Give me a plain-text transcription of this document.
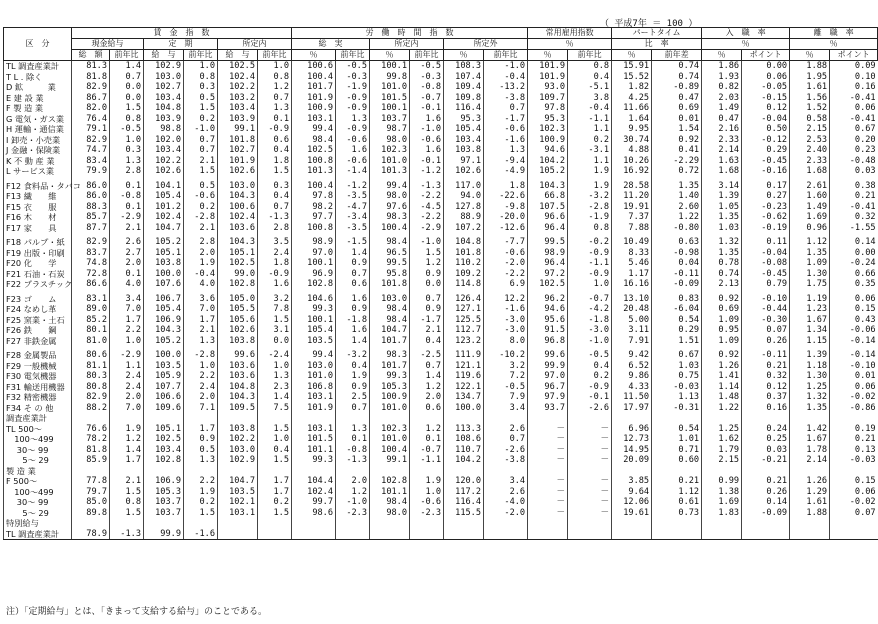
（ 平成7年 ＝ 100 ）
区　分	賃　金　指　数						労　働　時　間　指　数						常用雇用指数		パートタイム		入　職　率		離　職　率	
	現金給与		定　期		所定内		総　実		所定内		所定外		％		比　率		％		％	
	総　額	前年比	給　与	前年比	給　与	前年比	％	前年比	％	前年比	％	前年比	％	前年比	％	前年差	％	ポイント	％	ポイント
TL 調査産業計	81.3	1.4	102.9	1.0	102.5	1.0	100.6	-0.5	100.1	-0.5	108.3	-1.0	101.9	0.8	15.91	0.74	1.86	0.00	1.88	0.09
T L . 除く	81.8	0.7	103.0	0.8	102.4	0.8	100.4	-0.3	99.8	-0.3	107.4	-0.4	101.9	0.4	15.52	0.74	1.93	0.06	1.95	0.10
D 鉱　　　業	82.9	0.0	102.7	0.3	102.2	1.2	101.7	-1.9	101.0	-0.8	109.4	-13.2	93.0	-5.1	1.82	-0.89	0.82	-0.05	1.61	0.16
E 建 設 業	86.7	0.0	103.4	0.5	103.2	0.7	101.9	-0.9	101.5	-0.7	109.8	-3.8	109.7	3.8	4.25	0.47	2.03	-0.15	1.56	-0.41
F 製 造 業	82.0	1.5	104.8	1.5	103.4	1.3	100.9	-0.9	100.1	-0.1	116.4	0.7	97.8	-0.4	11.66	0.69	1.49	0.12	1.52	0.06
G 電気・ガス業	76.4	0.8	103.9	0.2	103.9	0.1	103.1	1.3	103.7	1.6	95.3	-1.7	95.3	-1.1	1.64	0.01	0.47	-0.04	0.58	-0.41
H 運輸・通信業	79.1	-0.5	98.8	-1.0	99.1	-0.9	99.4	-0.9	98.7	-1.0	105.4	-0.6	102.3	1.1	9.95	1.54	2.16	0.50	2.15	0.67
I 卸売・小売業	82.9	1.0	102.0	0.7	101.8	0.6	98.4	-0.6	98.0	-0.6	103.4	-1.6	100.9	0.2	30.74	0.92	2.33	-0.12	2.53	0.20
J 金融・保険業	74.7	0.3	103.4	0.7	102.7	0.4	102.5	1.6	102.3	1.6	103.8	1.3	94.6	-3.1	4.88	0.41	2.14	0.29	2.40	0.23
K 不 動 産 業	83.4	1.3	102.2	2.1	101.9	1.8	100.8	-0.6	101.0	-0.1	97.1	-9.4	104.2	1.1	10.26	-2.29	1.63	-0.45	2.33	-0.48
L サービス業	79.9	2.8	102.6	1.5	102.6	1.5	101.3	-1.4	101.3	-1.2	102.6	-4.9	105.2	1.9	16.92	0.72	1.68	-0.16	1.68	0.03

F12 食料品・タバコ	86.0	0.1	104.1	0.5	103.0	0.3	100.4	-1.2	99.4	-1.3	117.0	1.8	104.3	1.9	28.58	1.35	3.14	0.17	2.61	0.38
F13 繊　　維	86.0	-0.8	105.4	-0.6	104.3	0.4	97.8	-3.5	98.0	-2.2	94.0	-22.6	66.8	-3.2	11.20	1.40	1.39	0.27	1.60	0.21
F15 衣　　服	88.3	0.1	101.2	0.2	100.6	0.7	98.2	-4.7	97.6	-4.5	127.8	-9.8	107.5	-2.8	19.91	2.60	1.05	-0.23	1.49	-0.41
F16 木　　材	85.7	-2.9	102.4	-2.8	102.4	-1.3	97.7	-3.4	98.3	-2.2	88.9	-20.0	96.6	-1.9	7.37	1.22	1.35	-0.62	1.69	0.32
F17 家　　具	87.7	2.1	104.7	2.1	103.6	2.8	100.8	-3.5	100.4	-2.9	107.2	-12.6	96.4	0.8	7.88	-0.80	1.03	-0.19	0.96	-1.55

F18 パルプ・紙	82.9	2.6	105.2	2.8	104.3	3.5	98.9	-1.5	98.4	-1.0	104.8	-7.7	99.5	-0.2	10.49	0.63	1.32	0.11	1.12	0.14
F19 出版・印刷	83.7	2.7	105.1	2.0	105.1	2.4	97.0	1.4	96.5	1.5	101.8	-0.6	98.9	-0.9	8.33	-0.98	1.35	-0.04	1.35	0.00
F20 化　　学	74.8	2.0	103.8	1.9	102.5	1.8	100.1	0.9	99.5	1.2	110.2	-2.0	96.4	-1.1	5.46	0.04	0.78	-0.08	1.09	-0.24
F21 石油・石炭	72.8	0.1	100.0	-0.4	99.0	-0.9	96.9	0.7	95.8	0.9	109.2	-2.2	97.2	-0.9	1.17	-0.11	0.74	-0.45	1.30	0.66
F22 プラスチック	86.6	4.0	107.6	4.0	102.8	1.6	102.8	0.6	101.8	0.0	114.8	6.9	102.5	1.0	16.16	-0.09	2.13	0.79	1.75	0.35

F23 ゴ　　ム	83.1	3.4	106.7	3.6	105.0	3.2	104.6	1.6	103.0	0.7	126.4	12.2	96.2	-0.7	13.10	0.83	0.92	-0.10	1.19	0.06
F24 なめし革	89.0	7.0	105.4	7.0	105.5	7.8	99.3	0.9	98.4	0.9	127.1	-1.6	94.6	-4.2	20.48	-6.04	0.69	-0.44	1.23	0.15
F25 窯業・土石	85.2	1.7	106.9	1.7	105.6	1.5	100.1	-1.8	98.4	-1.7	125.5	-3.0	95.6	-1.8	5.00	0.54	1.09	-0.30	1.67	0.43
F26 鉄　　鋼	80.1	2.2	104.3	2.1	102.6	3.1	105.4	1.6	104.7	2.1	112.7	-3.0	91.5	-3.0	3.11	0.29	0.95	0.07	1.34	-0.06
F27 非鉄金属	81.0	1.0	105.2	1.3	103.8	0.0	103.5	1.4	101.7	0.4	123.2	8.0	96.8	-1.0	7.91	1.51	1.09	0.26	1.15	-0.14

F28 金属製品	80.6	-2.9	100.0	-2.8	99.6	-2.4	99.4	-3.2	98.3	-2.5	111.9	-10.2	99.6	-0.5	9.42	0.67	0.92	-0.11	1.39	-0.14
F29 一般機械	81.1	1.1	103.5	1.0	103.6	1.0	103.0	0.4	101.7	0.7	121.1	3.2	99.9	0.4	6.52	1.03	1.26	0.21	1.18	-0.10
F30 電気機器	80.3	2.4	105.9	2.2	103.6	1.3	101.0	1.9	99.3	1.4	119.6	7.2	97.0	0.2	9.86	0.75	1.41	0.32	1.30	0.01
F31 輸送用機器	80.8	2.4	107.7	2.4	104.8	2.3	106.8	0.9	105.3	1.2	122.1	-0.5	96.7	-0.9	4.33	-0.03	1.14	0.12	1.25	0.06
F32 精密機器	82.9	2.0	106.6	2.0	104.3	1.4	103.1	2.5	100.9	2.0	134.7	7.9	97.9	-0.1	11.50	1.13	1.48	0.37	1.32	-0.02
F34 そ の 他	88.2	7.0	109.6	7.1	109.5	7.5	101.9	0.7	101.0	0.6	100.0	3.4	93.7	-2.6	17.97	-0.31	1.22	0.16	1.35	-0.86
調査産業計																				
TL 500～	76.6	1.9	105.1	1.7	103.8	1.5	103.1	1.3	102.3	1.2	113.3	2.6	－	－	6.96	0.54	1.25	0.24	1.42	0.19
　100～499	78.2	1.2	102.5	0.9	102.2	1.0	101.5	0.1	101.0	0.1	108.6	0.7	－	－	12.73	1.01	1.62	0.25	1.67	0.21
　 30～ 99	81.8	1.4	103.4	0.5	103.0	0.4	101.1	-0.8	100.4	-0.7	110.7	-2.6	－	－	14.95	0.71	1.79	0.03	1.78	0.13
　　5～ 29	85.9	1.7	102.8	1.3	102.9	1.5	99.3	-1.3	99.1	-1.1	104.2	-3.8	－	－	20.09	0.60	2.15	-0.21	2.14	-0.03
製 造 業																				
F 500～	77.8	2.1	106.9	2.2	104.7	1.7	104.4	2.0	102.8	1.9	120.0	3.4	－	－	3.85	0.21	0.99	0.21	1.26	0.15
　100～499	79.7	1.5	105.3	1.9	103.5	1.7	102.4	1.2	101.1	1.0	117.2	2.6	－	－	9.64	1.12	1.38	0.26	1.29	0.06
　 30～ 99	85.0	0.8	103.7	0.2	102.1	0.2	99.7	-1.0	98.4	-0.6	116.4	-4.0	－	－	12.06	0.61	1.69	0.14	1.61	-0.02
　　5～ 29	89.8	1.5	103.7	1.5	103.1	1.5	98.6	-2.3	98.0	-2.3	115.5	-2.0	－	－	19.61	0.73	1.83	-0.09	1.88	0.07
特別給与																				
TL 調査産業計	78.9	-1.3	99.9	-1.6																
注）「定期給与」とは、「きまって支給する給与」のことである。
